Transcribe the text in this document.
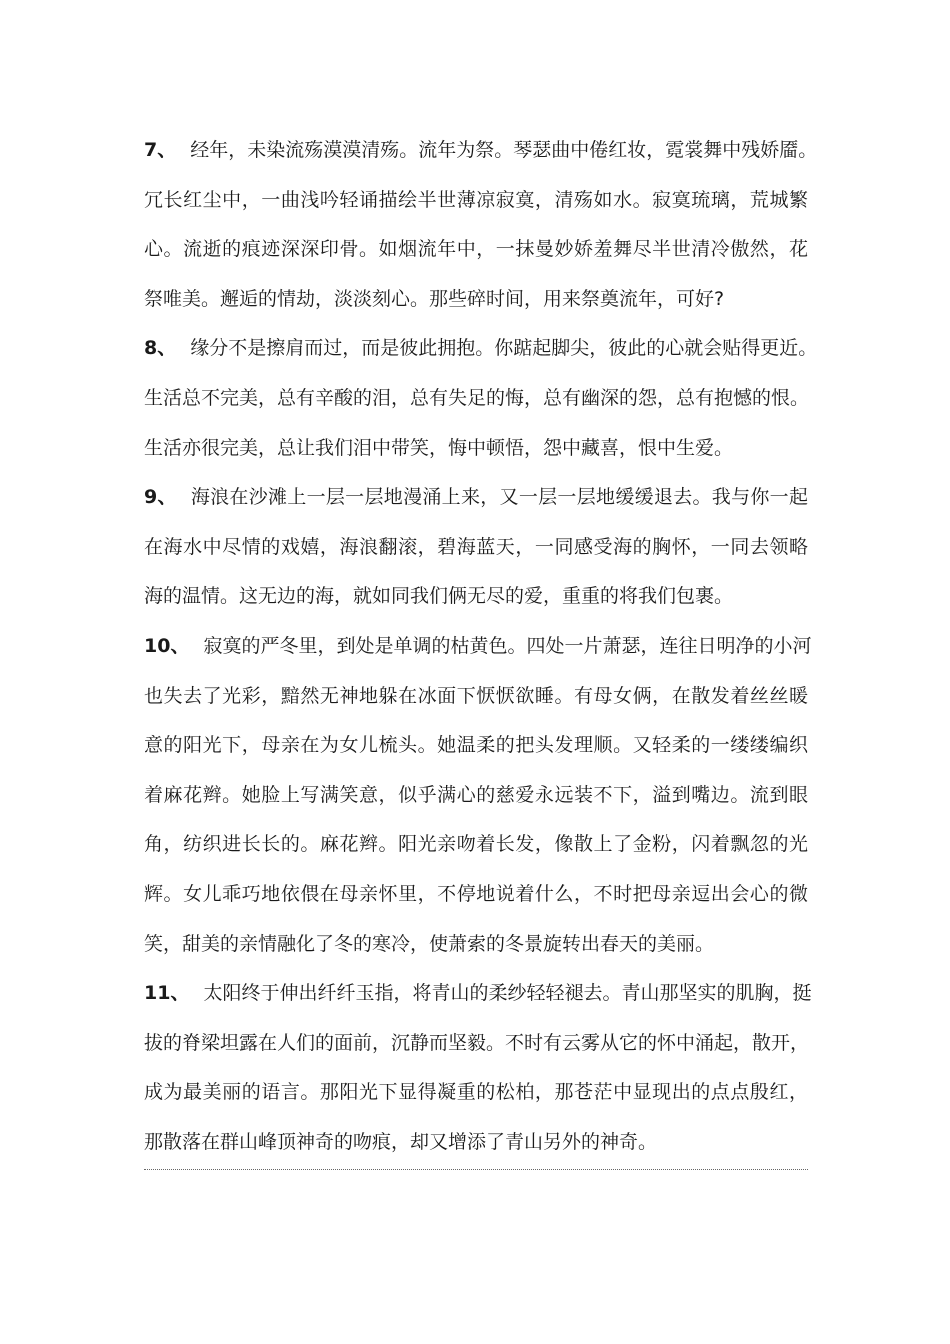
7、 经年，未染流殇漠漠清殇。流年为祭。琴瑟曲中倦红妆，霓裳舞中残娇靥。
冗长红尘中，一曲浅吟轻诵描绘半世薄凉寂寞，清殇如水。寂寞琉璃，荒城繁
心。流逝的痕迹深深印骨。如烟流年中，一抹曼妙娇羞舞尽半世清冷傲然，花
祭唯美。邂逅的情劫，淡淡刻心。那些碎时间，用来祭奠流年，可好?
8、 缘分不是擦肩而过，而是彼此拥抱。你踮起脚尖，彼此的心就会贴得更近。
生活总不完美，总有辛酸的泪，总有失足的悔，总有幽深的怨，总有抱憾的恨。
生活亦很完美，总让我们泪中带笑，悔中顿悟，怨中藏喜，恨中生爱。
9、 海浪在沙滩上一层一层地漫涌上来，又一层一层地缓缓退去。我与你一起
在海水中尽情的戏嬉，海浪翻滚，碧海蓝天，一同感受海的胸怀，一同去领略
海的温情。这无边的海，就如同我们俩无尽的爱，重重的将我们包裹。
10、 寂寞的严冬里，到处是单调的枯黄色。四处一片萧瑟，连往日明净的小河
也失去了光彩，黯然无神地躲在冰面下恹恹欲睡。有母女俩，在散发着丝丝暖
意的阳光下，母亲在为女儿梳头。她温柔的把头发理顺。又轻柔的一缕缕编织
着麻花辫。她脸上写满笑意，似乎满心的慈爱永远装不下，溢到嘴边。流到眼
角，纺织进长长的。麻花辫。阳光亲吻着长发，像散上了金粉，闪着飘忽的光
辉。女儿乖巧地依偎在母亲怀里，不停地说着什么，不时把母亲逗出会心的微
笑，甜美的亲情融化了冬的寒冷，使萧索的冬景旋转出春天的美丽。
11、 太阳终于伸出纤纤玉指，将青山的柔纱轻轻褪去。青山那坚实的肌胸，挺
拔的脊梁坦露在人们的面前，沉静而坚毅。不时有云雾从它的怀中涌起，散开，
成为最美丽的语言。那阳光下显得凝重的松柏，那苍茫中显现出的点点殷红，
那散落在群山峰顶神奇的吻痕，却又增添了青山另外的神奇。
